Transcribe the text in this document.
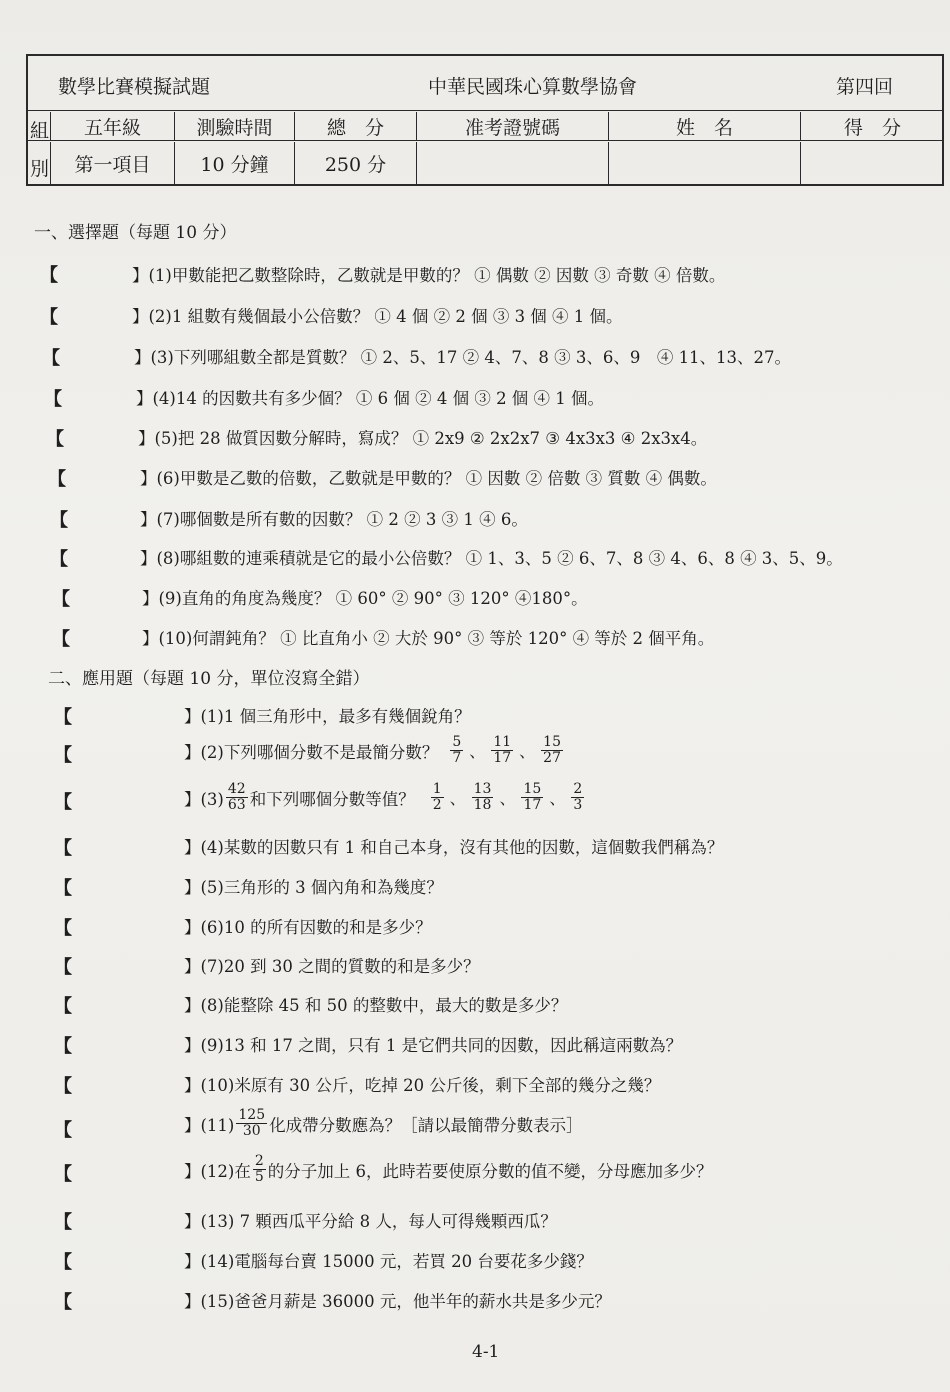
數學比賽模擬試題	中華民國珠心算數學協會	第四回
組
別
五年級	測驗時間	總　分	准考證號碼	姓　名	得　分
第一項目	10 分鐘	250 分
一、選擇題（每題 10 分）
【	】(1)甲數能把乙數整除時，乙數就是甲數的？ ① 偶數 ② 因數 ③ 奇數 ④ 倍數。
【	】(2)1 組數有幾個最小公倍數？ ① 4 個 ② 2 個 ③ 3 個 ④ 1 個。
【	】(3)下列哪組數全都是質數？ ① 2、5、17 ② 4、7、8 ③ 3、6、9　④ 11、13、27。
【	】(4)14 的因數共有多少個？ ① 6 個 ② 4 個 ③ 2 個 ④ 1 個。
【	】(5)把 28 做質因數分解時，寫成？ ① 2x9 ② 2x2x7 ③ 4x3x3 ④ 2x3x4。
【	】(6)甲數是乙數的倍數，乙數就是甲數的？ ① 因數 ② 倍數 ③ 質數 ④ 偶數。
【	】(7)哪個數是所有數的因數？ ① 2 ② 3 ③ 1 ④ 6。
【	】(8)哪組數的連乘積就是它的最小公倍數？ ① 1、3、5 ② 6、7、8 ③ 4、6、8 ④ 3、5、9。
【	】(9)直角的角度為幾度？ ① 60° ② 90° ③ 120° ④180°。
【	】(10)何謂鈍角？ ① 比直角小 ② 大於 90° ③ 等於 120° ④ 等於 2 個平角。
二、應用題（每題 10 分，單位沒寫全錯）
【	】(1)1 個三角形中，最多有幾個銳角？
【	】(2)下列哪個分數不是最簡分數？ $\frac{5}{7}$ 、 $\frac{11}{17}$ 、 $\frac{15}{27}$
【	】$(3) \frac{42}{63}$ 和下列哪個分數等值？ $\frac{1}{2}$ 、 $\frac{13}{18}$ 、 $\frac{15}{17}$ 、 $\frac{2}{3}$
【	】(4)某數的因數只有 1 和自己本身，沒有其他的因數，這個數我們稱為？
【	】(5)三角形的 3 個內角和為幾度？
【	】(6)10 的所有因數的和是多少？
【	】(7)20 到 30 之間的質數的和是多少？
【	】(8)能整除 45 和 50 的整數中，最大的數是多少？
【	】(9)13 和 17 之間，只有 1 是它們共同的因數，因此稱這兩數為？
【	】(10)米原有 30 公斤，吃掉 20 公斤後，剩下全部的幾分之幾？
【	】$(11) \frac{125}{30}$ 化成帶分數應為？［請以最簡帶分數表示］
【	】(12)在 $\frac{2}{5}$ 的分子加上 6，此時若要使原分數的值不變，分母應加多少？
【	】(13) 7 顆西瓜平分給 8 人，每人可得幾顆西瓜？
【	】(14)電腦每台賣 15000 元，若買 20 台要花多少錢？
【	】(15)爸爸月薪是 36000 元，他半年的薪水共是多少元？
4-1
